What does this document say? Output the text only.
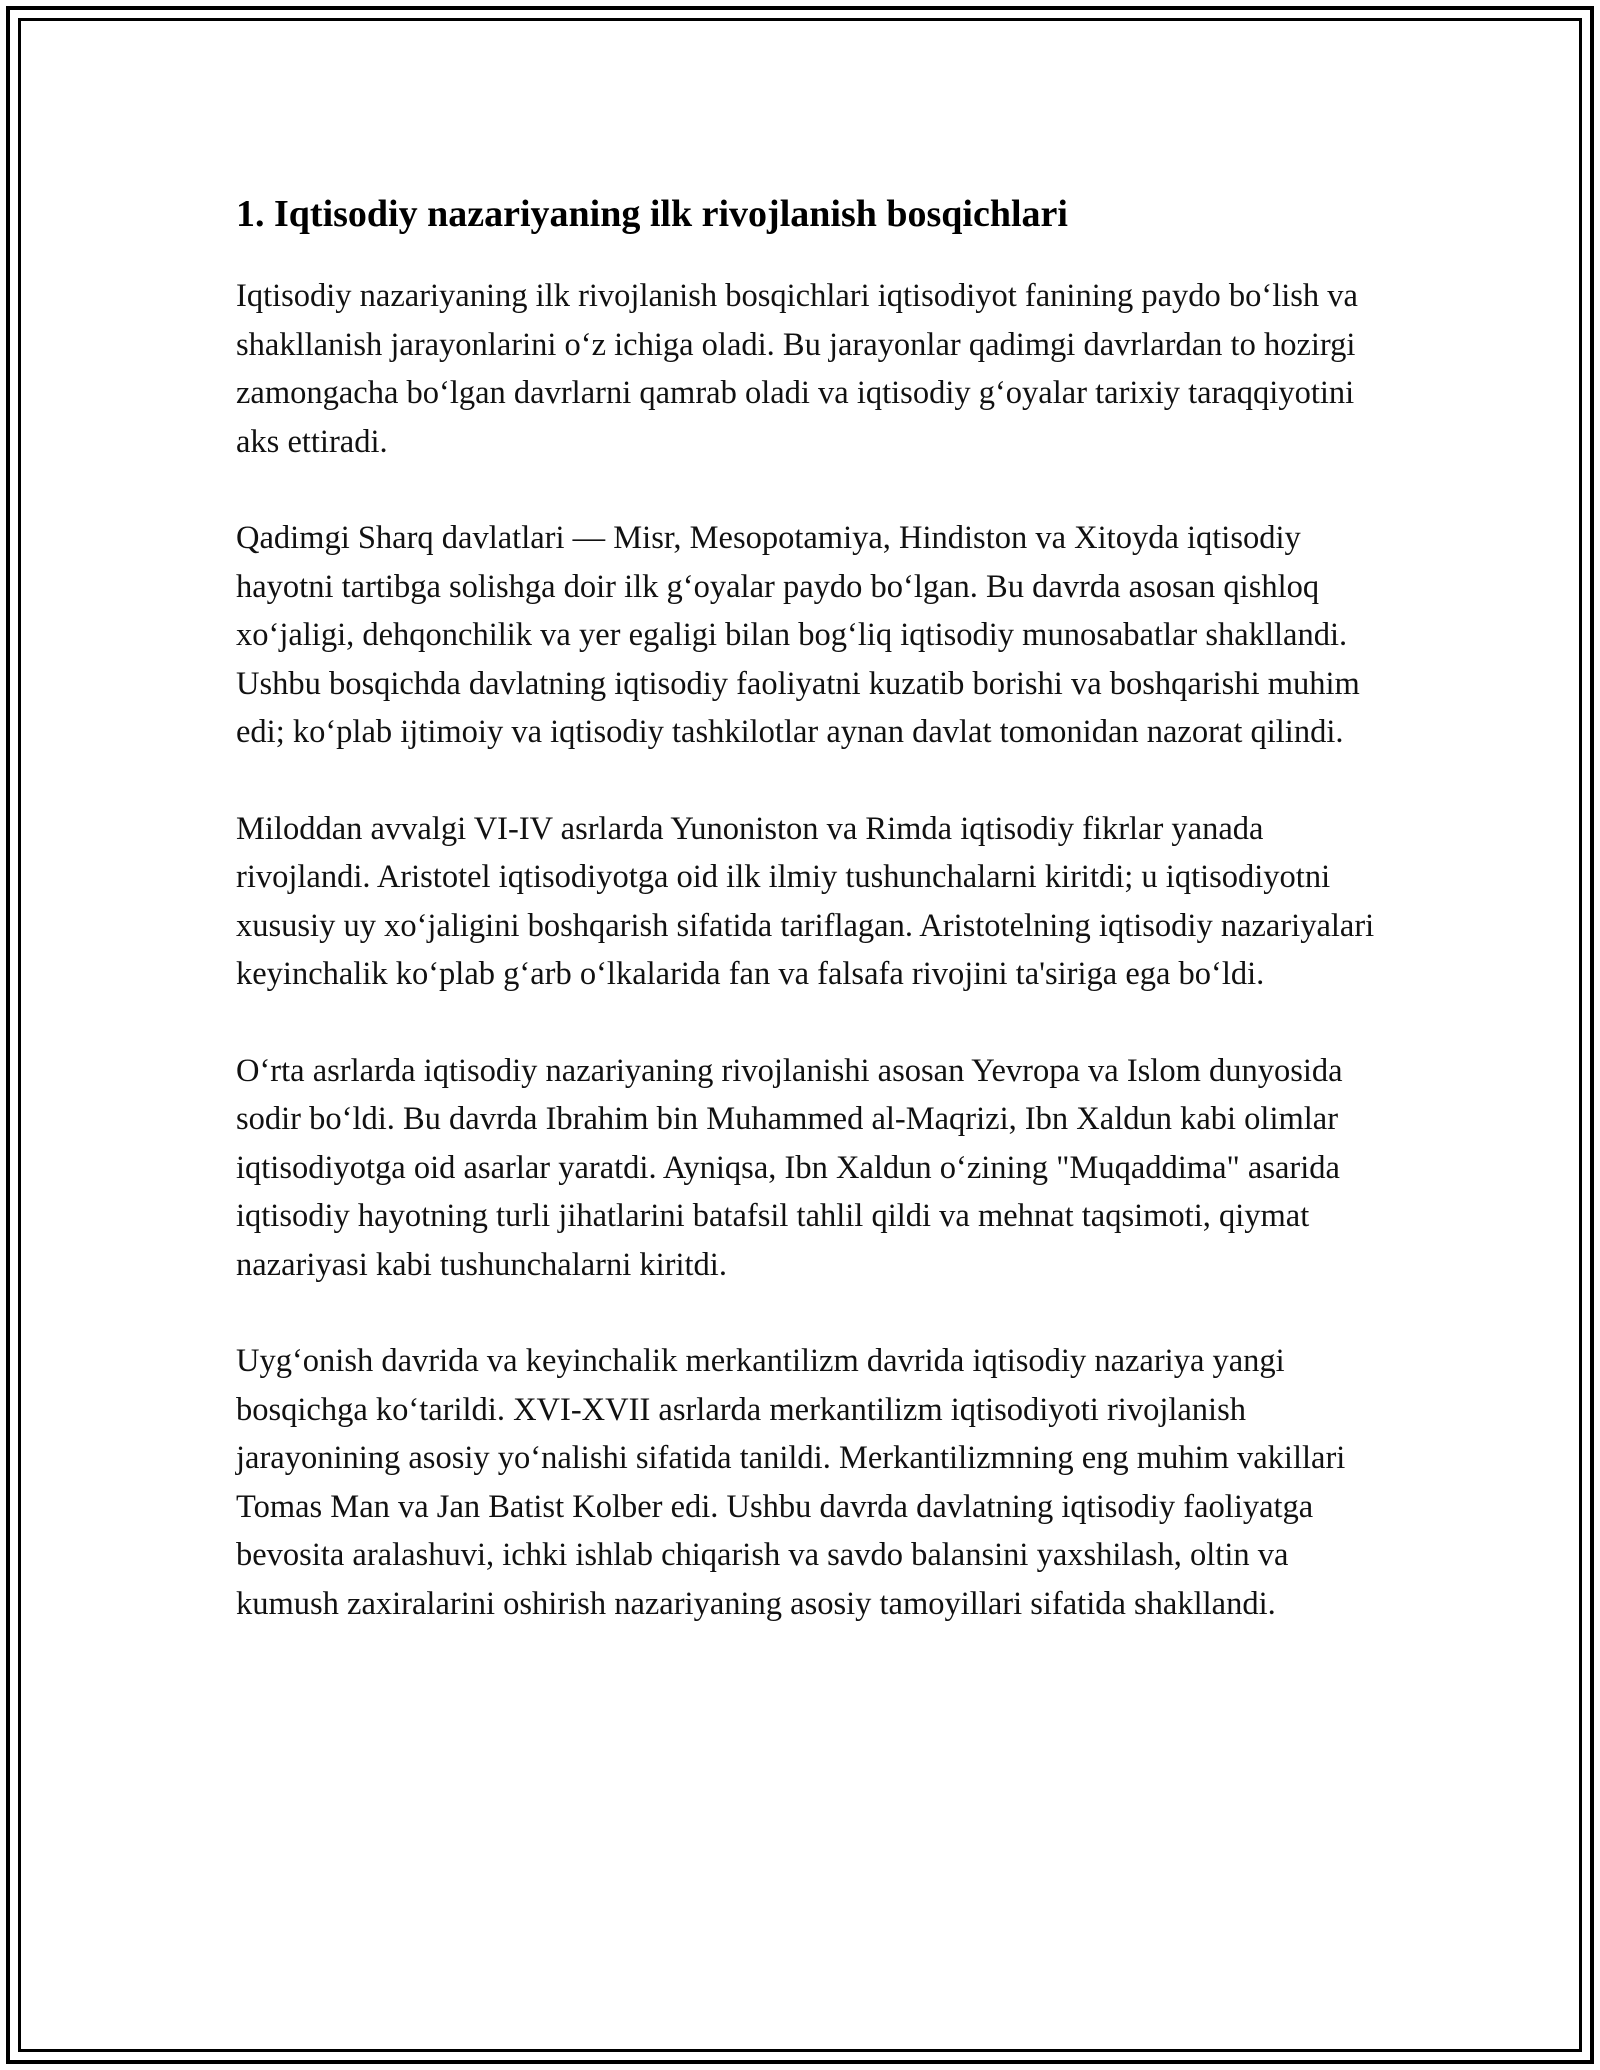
1. Iqtisodiy nazariyaning ilk rivojlanish bosqichlari

Iqtisodiy nazariyaning ilk rivojlanish bosqichlari iqtisodiyot fanining paydo bo‘lish va shakllanish jarayonlarini o‘z ichiga oladi. Bu jarayonlar qadimgi davrlardan to hozirgi zamongacha bo‘lgan davrlarni qamrab oladi va iqtisodiy g‘oyalar tarixiy taraqqiyotini aks ettiradi.

Qadimgi Sharq davlatlari — Misr, Mesopotamiya, Hindiston va Xitoyda iqtisodiy hayotni tartibga solishga doir ilk g‘oyalar paydo bo‘lgan. Bu davrda asosan qishloq xo‘jaligi, dehqonchilik va yer egaligi bilan bog‘liq iqtisodiy munosabatlar shakllandi. Ushbu bosqichda davlatning iqtisodiy faoliyatni kuzatib borishi va boshqarishi muhim edi; ko‘plab ijtimoiy va iqtisodiy tashkilotlar aynan davlat tomonidan nazorat qilindi.

Miloddan avvalgi VI-IV asrlarda Yunoniston va Rimda iqtisodiy fikrlar yanada rivojlandi. Aristotel iqtisodiyotga oid ilk ilmiy tushunchalarni kiritdi; u iqtisodiyotni xususiy uy xo‘jaligini boshqarish sifatida tariflagan. Aristotelning iqtisodiy nazariyalari keyinchalik ko‘plab g‘arb o‘lkalarida fan va falsafa rivojini ta'siriga ega bo‘ldi.

O‘rta asrlarda iqtisodiy nazariyaning rivojlanishi asosan Yevropa va Islom dunyosida sodir bo‘ldi. Bu davrda Ibrahim bin Muhammed al-Maqrizi, Ibn Xaldun kabi olimlar iqtisodiyotga oid asarlar yaratdi. Ayniqsa, Ibn Xaldun o‘zining "Muqaddima" asarida iqtisodiy hayotning turli jihatlarini batafsil tahlil qildi va mehnat taqsimoti, qiymat nazariyasi kabi tushunchalarni kiritdi.

Uyg‘onish davrida va keyinchalik merkantilizm davrida iqtisodiy nazariya yangi bosqichga ko‘tarildi. XVI-XVII asrlarda merkantilizm iqtisodiyoti rivojlanish jarayonining asosiy yo‘nalishi sifatida tanildi. Merkantilizmning eng muhim vakillari Tomas Man va Jan Batist Kolber edi. Ushbu davrda davlatning iqtisodiy faoliyatga bevosita aralashuvi, ichki ishlab chiqarish va savdo balansini yaxshilash, oltin va kumush zaxiralarini oshirish nazariyaning asosiy tamoyillari sifatida shakllandi.
